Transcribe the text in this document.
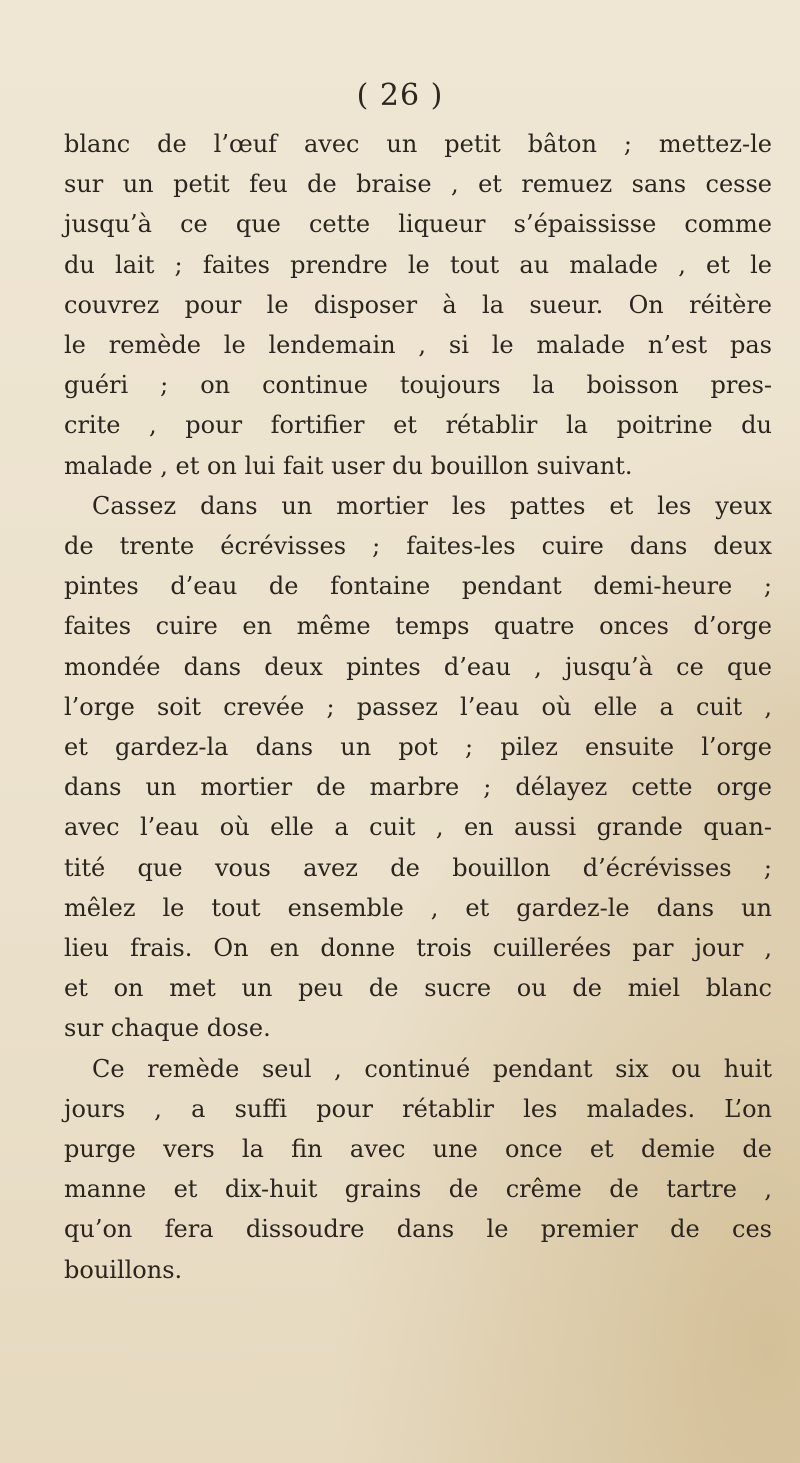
( 26 )
blanc de l’œuf avec un petit bâton ; mettez-le
sur un petit feu de braise , et remuez sans cesse
jusqu’à ce que cette liqueur s’épaississe comme
du lait ; faites prendre le tout au malade , et le
couvrez pour le disposer à la sueur. On réitère
le remède le lendemain , si le malade n’est pas
guéri ; on continue toujours la boisson pres-
crite , pour fortifier et rétablir la poitrine du
malade , et on lui fait user du bouillon suivant.
Cassez dans un mortier les pattes et les yeux
de trente écrévisses ; faites-les cuire dans deux
pintes d’eau de fontaine pendant demi-heure ;
faites cuire en même temps quatre onces d’orge
mondée dans deux pintes d’eau , jusqu’à ce que
l’orge soit crevée ; passez l’eau où elle a cuit ,
et gardez-la dans un pot ; pilez ensuite l’orge
dans un mortier de marbre ; délayez cette orge
avec l’eau où elle a cuit , en aussi grande quan-
tité que vous avez de bouillon d’écrévisses ;
mêlez le tout ensemble , et gardez-le dans un
lieu frais. On en donne trois cuillerées par jour ,
et on met un peu de sucre ou de miel blanc
sur chaque dose.
Ce remède seul , continué pendant six ou huit
jours , a suffi pour rétablir les malades. L’on
purge vers la fin avec une once et demie de
manne et dix-huit grains de crême de tartre ,
qu’on fera dissoudre dans le premier de ces
bouillons.
